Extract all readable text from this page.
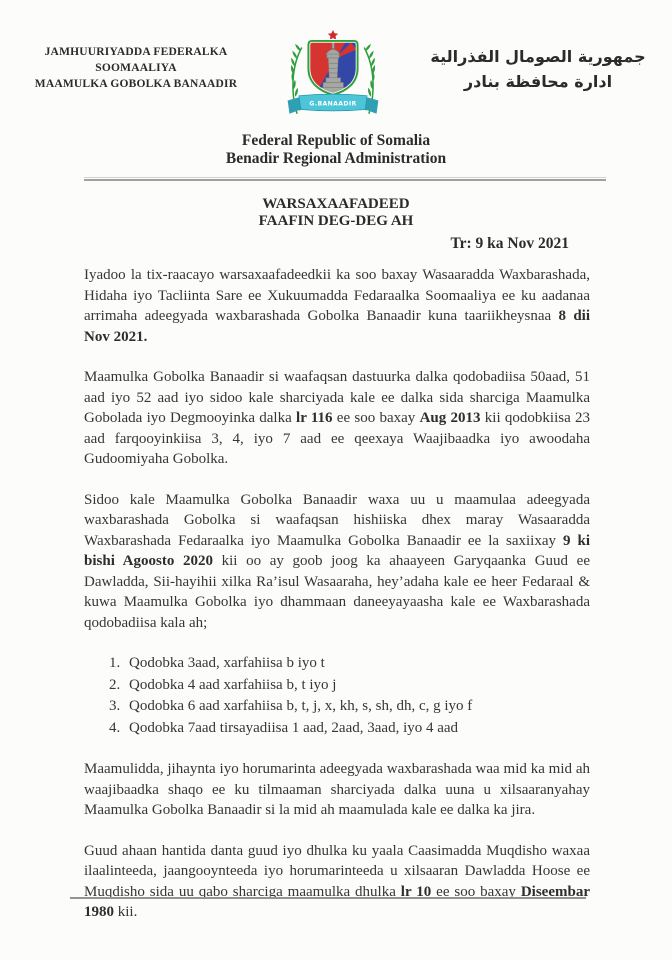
JAMHUURIYADDA FEDERALKA
SOOMAALIYA
MAAMULKA GOBOLKA BANAADIR
G.BANAADIR
جمهورية الصومال الفذرالية
ادارة محافظة بنادر
Federal Republic of Somalia
Benadir Regional Administration
WARSAXAAFADEED
FAAFIN DEG-DEG AH
Tr: 9 ka Nov 2021

Iyadoo la tix-raacayo warsaxaafadeedkii ka soo baxay Wasaaradda Waxbarashada, Hidaha iyo Tacliinta Sare ee Xukuumadda Fedaraalka Soomaaliya ee ku aadanaa arrimaha adeegyada waxbarashada Gobolka Banaadir kuna taariikheysnaa 8 dii Nov 2021.

Maamulka Gobolka Banaadir si waafaqsan dastuurka dalka qodobadiisa 50aad, 51 aad iyo 52 aad iyo sidoo kale sharciyada kale ee dalka sida sharciga Maamulka Gobolada iyo Degmooyinka dalka lr 116 ee soo baxay Aug 2013 kii qodobkiisa 23 aad farqooyinkiisa 3, 4, iyo 7 aad ee qeexaya Waajibaadka iyo awoodaha Gudoomiyaha Gobolka.

Sidoo kale Maamulka Gobolka Banaadir waxa uu u maamulaa adeegyada waxbarashada Gobolka si waafaqsan hishiiska dhex maray Wasaaradda Waxbarashada Fedaraalka iyo Maamulka Gobolka Banaadir ee la saxiixay 9 ki bishi Agoosto 2020 kii oo ay goob joog ka ahaayeen Garyqaanka Guud ee Dawladda, Sii-hayihii xilka Ra’isul Wasaaraha, hey’adaha kale ee heer Fedaraal & kuwa Maamulka Gobolka iyo dhammaan daneeyayaasha kale ee Waxbarashada qodobadiisa kala ah;

1. Qodobka 3aad, xarfahiisa b iyo t
2. Qodobka 4 aad xarfahiisa b, t iyo j
3. Qodobka 6 aad xarfahiisa b, t, j, x, kh, s, sh, dh, c, g iyo f
4. Qodobka 7aad tirsayadiisa 1 aad, 2aad, 3aad, iyo 4 aad

Maamulidda, jihaynta iyo horumarinta adeegyada waxbarashada waa mid ka mid ah waajibaadka shaqo ee ku tilmaaman sharciyada dalka uuna u xilsaaranyahay Maamulka Gobolka Banaadir si la mid ah maamulada kale ee dalka ka jira.

Guud ahaan hantida danta guud iyo dhulka ku yaala Caasimadda Muqdisho waxaa ilaalinteeda, jaangooynteeda iyo horumarinteeda u xilsaaran Dawladda Hoose ee Muqdisho sida uu qabo sharciga maamulka dhulka lr 10 ee soo baxay Diseembar 1980 kii.
